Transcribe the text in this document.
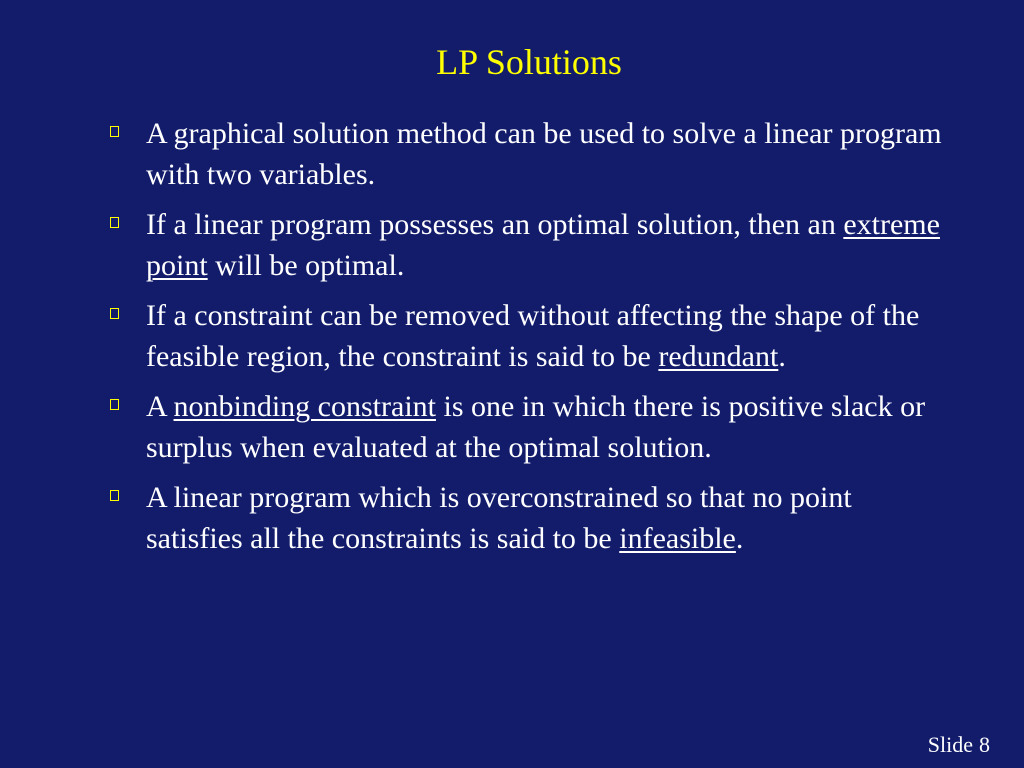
LP Solutions
A graphical solution method can be used to solve a linear program with two variables.
If a linear program possesses an optimal solution, then an extreme point will be optimal.
If a constraint can be removed without affecting the shape of the feasible region, the constraint is said to be redundant.
A nonbinding constraint is one in which there is positive slack or surplus when evaluated at the optimal solution.
A linear program which is overconstrained so that no point satisfies all the constraints is said to be infeasible.
Slide 8
